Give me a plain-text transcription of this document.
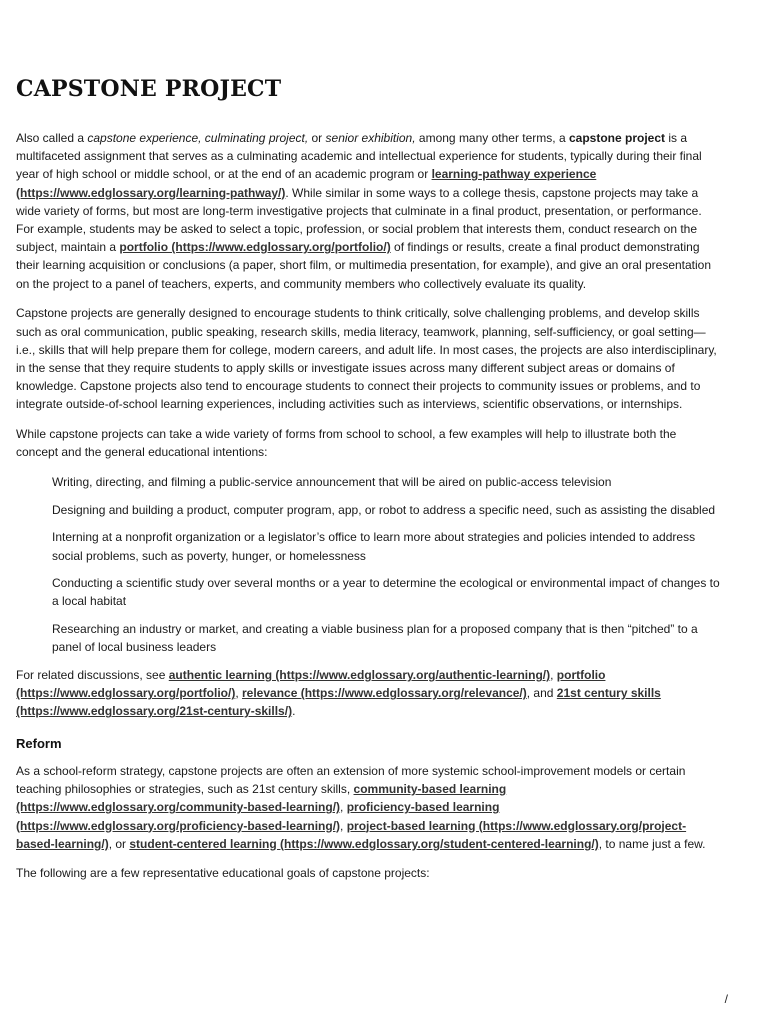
CAPSTONE PROJECT

Also called a capstone experience, culminating project, or senior exhibition, among many other terms, a capstone project is a multifaceted assignment that serves as a culminating academic and intellectual experience for students, typically during their final year of high school or middle school, or at the end of an academic program or learning-pathway experience (https://www.edglossary.org/learning-pathway/). While similar in some ways to a college thesis, capstone projects may take a wide variety of forms, but most are long-term investigative projects that culminate in a final product, presentation, or performance. For example, students may be asked to select a topic, profession, or social problem that interests them, conduct research on the subject, maintain a portfolio (https://www.edglossary.org/portfolio/) of findings or results, create a final product demonstrating their learning acquisition or conclusions (a paper, short film, or multimedia presentation, for example), and give an oral presentation on the project to a panel of teachers, experts, and community members who collectively evaluate its quality.

Capstone projects are generally designed to encourage students to think critically, solve challenging problems, and develop skills such as oral communication, public speaking, research skills, media literacy, teamwork, planning, self-sufficiency, or goal setting—i.e., skills that will help prepare them for college, modern careers, and adult life. In most cases, the projects are also interdisciplinary, in the sense that they require students to apply skills or investigate issues across many different subject areas or domains of knowledge. Capstone projects also tend to encourage students to connect their projects to community issues or problems, and to integrate outside-of-school learning experiences, including activities such as interviews, scientific observations, or internships.

While capstone projects can take a wide variety of forms from school to school, a few examples will help to illustrate both the concept and the general educational intentions:

Writing, directing, and filming a public-service announcement that will be aired on public-access television
Designing and building a product, computer program, app, or robot to address a specific need, such as assisting the disabled
Interning at a nonprofit organization or a legislator’s office to learn more about strategies and policies intended to address social problems, such as poverty, hunger, or homelessness
Conducting a scientific study over several months or a year to determine the ecological or environmental impact of changes to a local habitat
Researching an industry or market, and creating a viable business plan for a proposed company that is then “pitched” to a panel of local business leaders

For related discussions, see authentic learning (https://www.edglossary.org/authentic-learning/), portfolio (https://www.edglossary.org/portfolio/), relevance (https://www.edglossary.org/relevance/), and 21st century skills (https://www.edglossary.org/21st-century-skills/).

Reform

As a school-reform strategy, capstone projects are often an extension of more systemic school-improvement models or certain teaching philosophies or strategies, such as 21st century skills, community-based learning (https://www.edglossary.org/community-based-learning/), proficiency-based learning (https://www.edglossary.org/proficiency-based-learning/), project-based learning (https://www.edglossary.org/project-based-learning/), or student-centered learning (https://www.edglossary.org/student-centered-learning/), to name just a few.

The following are a few representative educational goals of capstone projects:

/
